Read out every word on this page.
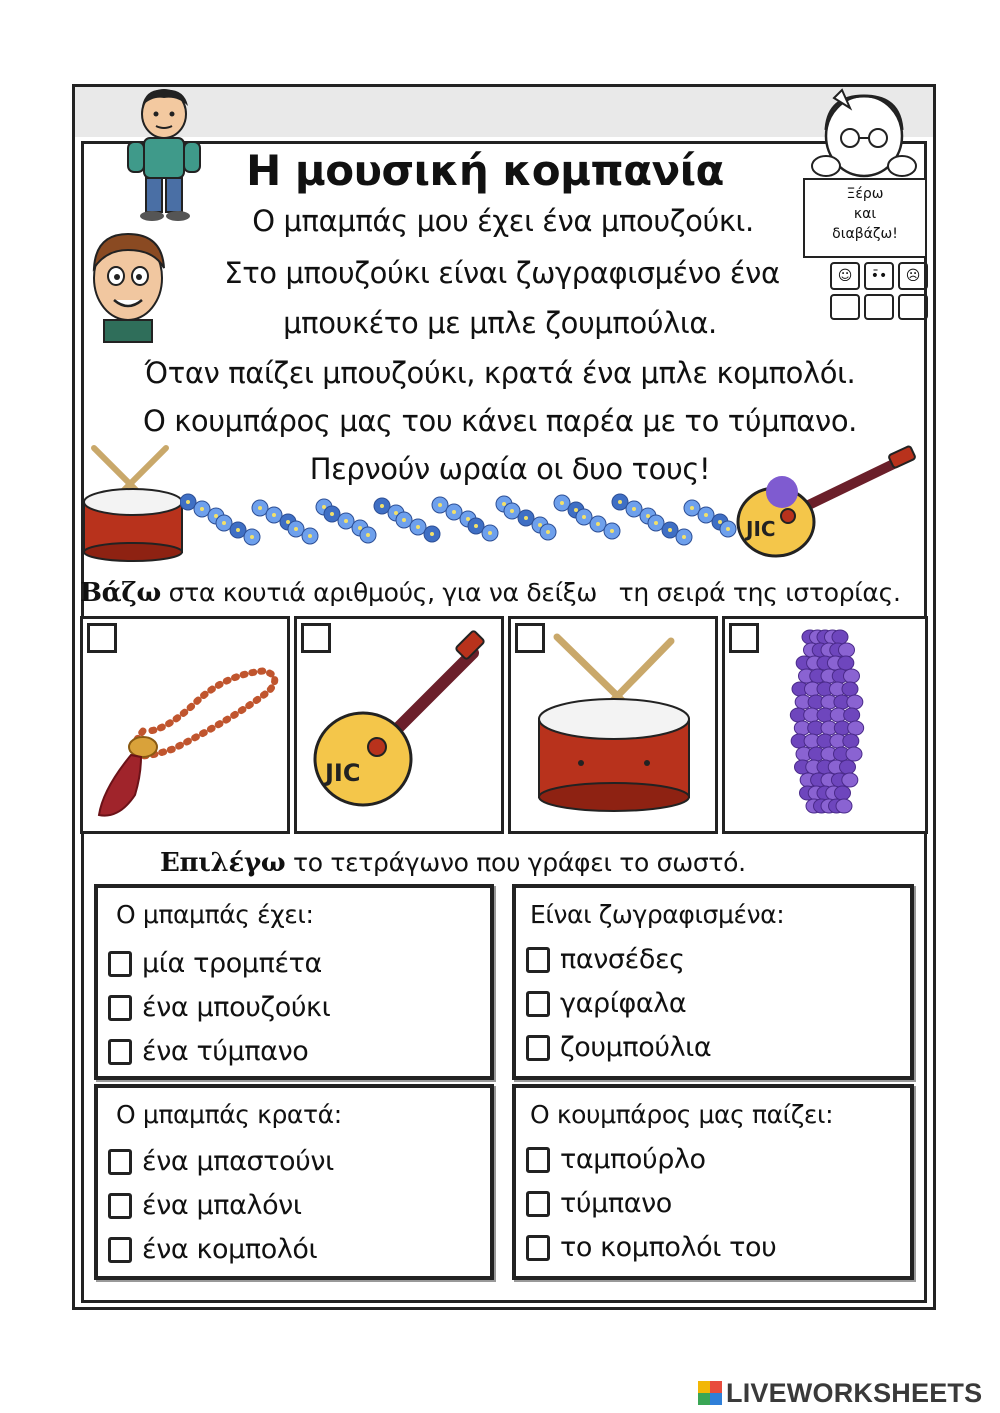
Η μουσική κομπανία
Ο μπαμπάς μου έχει ένα μπουζούκι.
Στο μπουζούκι είναι ζωγραφισμένο ένα
μπουκέτο με μπλε ζουμπούλια.
Όταν παίζει μπουζούκι, κρατά ένα μπλε κομπολόι.
Ο κουμπάρος μας του κάνει παρέα με το τύμπανο.
Περνούν ωραία οι δυο τους!
Ξέρω
και
διαβάζω!
☺	•̄•	☹
JIC
Βάζω στα κουτιά αριθμούς, για να δείξω τη σειρά της ιστορίας.
JIC
Επιλέγω το τετράγωνο που γράφει το σωστό.
Ο μπαμπάς έχει:
μία τρομπέτα
ένα μπουζούκι
ένα τύμπανο
Είναι ζωγραφισμένα:
πανσέδες
γαρίφαλα
ζουμπούλια
Ο μπαμπάς κρατά:
ένα μπαστούνι
ένα μπαλόνι
ένα κομπολόι
Ο κουμπάρος μας παίζει:
ταμπούρλο
τύμπανο
το κομπολόι του
LIVEWORKSHEETS
